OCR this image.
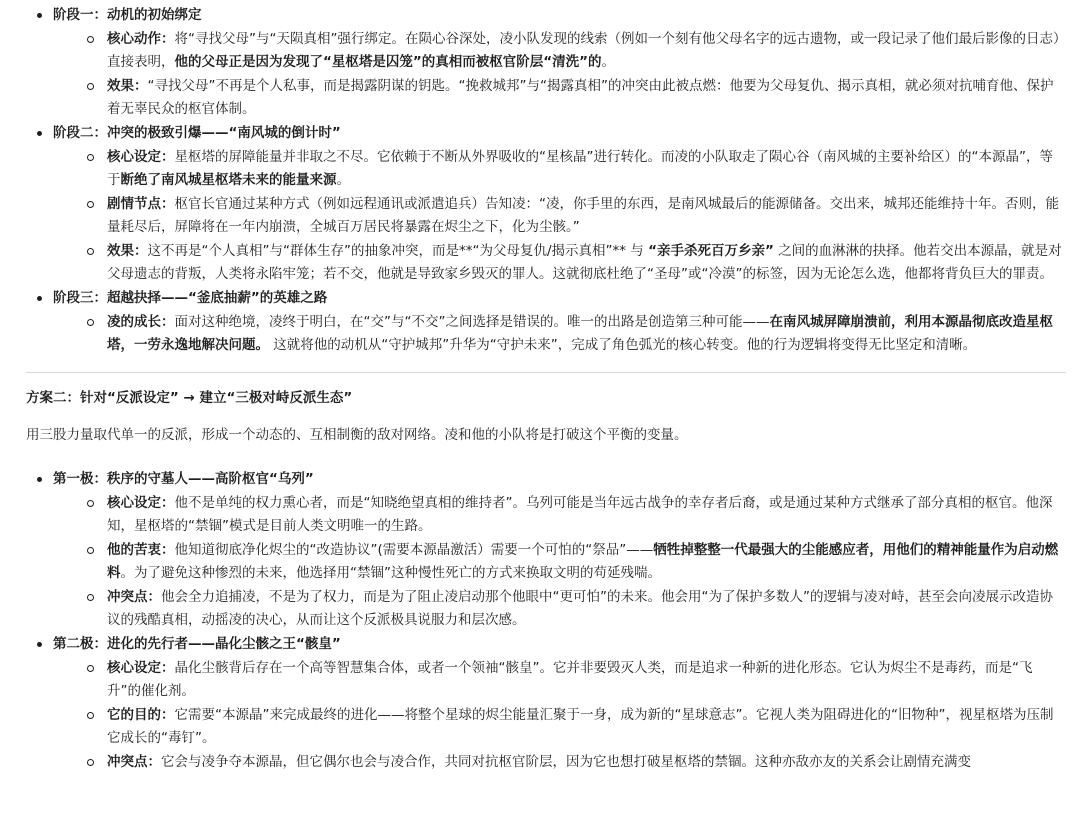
阶段一：动机的初始绑定
核心动作：将“寻找父母”与“天陨真相”强行绑定。在陨心谷深处，凌小队发现的线索（例如一个刻有他父母名字的远古遗物，或一段记录了他们最后影像的日志）直接表明，他的父母正是因为发现了“星枢塔是囚笼”的真相而被枢官阶层“清洗”的。
效果：“寻找父母”不再是个人私事，而是揭露阴谋的钥匙。“挽救城邦”与“揭露真相”的冲突由此被点燃：他要为父母复仇、揭示真相，就必须对抗哺育他、保护着无辜民众的枢官体制。
阶段二：冲突的极致引爆——“南风城的倒计时”
核心设定：星枢塔的屏障能量并非取之不尽。它依赖于不断从外界吸收的“星核晶”进行转化。而凌的小队取走了陨心谷（南风城的主要补给区）的“本源晶”，等于断绝了南风城星枢塔未来的能量来源。
剧情节点：枢官长官通过某种方式（例如远程通讯或派遣追兵）告知凌：“凌，你手里的东西，是南风城最后的能源储备。交出来，城邦还能维持十年。否则，能量耗尽后，屏障将在一年内崩溃，全城百万居民将暴露在烬尘之下，化为尘骸。”
效果：这不再是“个人真相”与“群体生存”的抽象冲突，而是**“为父母复仇/揭示真相”** 与 “亲手杀死百万乡亲” 之间的血淋淋的抉择。他若交出本源晶，就是对父母遗志的背叛，人类将永陷牢笼；若不交，他就是导致家乡毁灭的罪人。这就彻底杜绝了“圣母”或“冷漠”的标签，因为无论怎么选，他都将背负巨大的罪责。
阶段三：超越抉择——“釜底抽薪”的英雄之路
凌的成长：面对这种绝境，凌终于明白，在“交”与“不交”之间选择是错误的。唯一的出路是创造第三种可能——在南风城屏障崩溃前，利用本源晶彻底改造星枢塔，一劳永逸地解决问题。 这就将他的动机从“守护城邦”升华为“守护未来”，完成了角色弧光的核心转变。他的行为逻辑将变得无比坚定和清晰。
方案二：针对“反派设定” → 建立“三极对峙反派生态”
用三股力量取代单一的反派，形成一个动态的、互相制衡的敌对网络。凌和他的小队将是打破这个平衡的变量。
第一极：秩序的守墓人——高阶枢官“乌列”
核心设定：他不是单纯的权力熏心者，而是“知晓绝望真相的维持者”。乌列可能是当年远古战争的幸存者后裔，或是通过某种方式继承了部分真相的枢官。他深知，星枢塔的“禁锢”模式是目前人类文明唯一的生路。
他的苦衷：他知道彻底净化烬尘的“改造协议”(需要本源晶激活）需要一个可怕的“祭品”——牺牲掉整整一代最强大的尘能感应者，用他们的精神能量作为启动燃料。为了避免这种惨烈的未来，他选择用“禁锢”这种慢性死亡的方式来换取文明的苟延残喘。
冲突点：他会全力追捕凌，不是为了权力，而是为了阻止凌启动那个他眼中“更可怕”的未来。他会用“为了保护多数人”的逻辑与凌对峙，甚至会向凌展示改造协议的残酷真相，动摇凌的决心，从而让这个反派极具说服力和层次感。
第二极：进化的先行者——晶化尘骸之王“骸皇”
核心设定：晶化尘骸背后存在一个高等智慧集合体，或者一个领袖“骸皇”。它并非要毁灭人类，而是追求一种新的进化形态。它认为烬尘不是毒药，而是“飞升”的催化剂。
它的目的：它需要“本源晶”来完成最终的进化——将整个星球的烬尘能量汇聚于一身，成为新的“星球意志”。它视人类为阻碍进化的“旧物种”，视星枢塔为压制它成长的“毒钉”。
冲突点：它会与凌争夺本源晶，但它偶尔也会与凌合作，共同对抗枢官阶层，因为它也想打破星枢塔的禁锢。这种亦敌亦友的关系会让剧情充满变
